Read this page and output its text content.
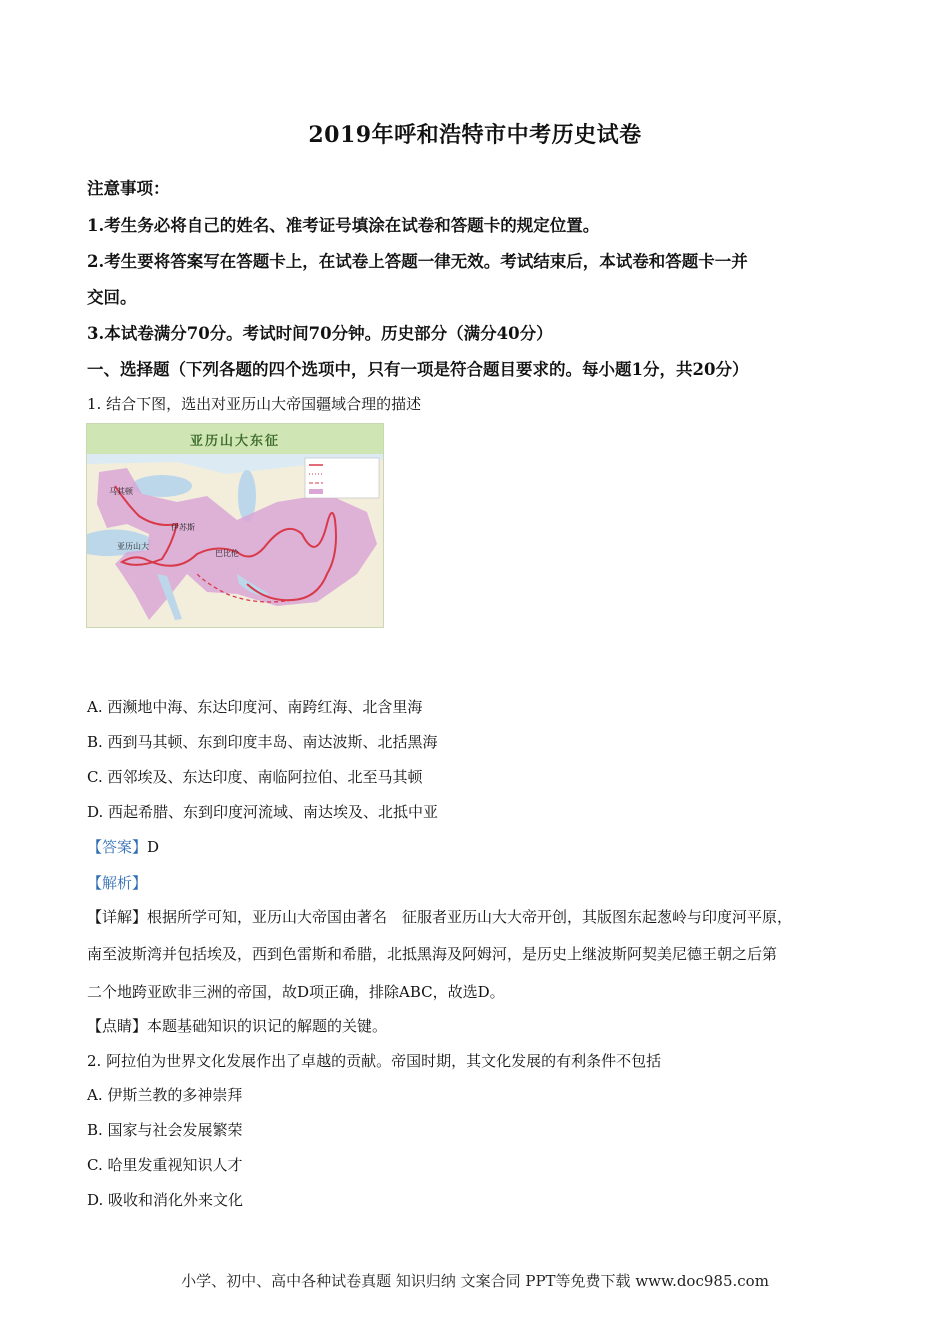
2019年呼和浩特市中考历史试卷
注意事项：
1.考生务必将自己的姓名、准考证号填涂在试卷和答题卡的规定位置。
2.考生要将答案写在答题卡上，在试卷上答题一律无效。考试结束后，本试卷和答题卡一并
交回。
3.本试卷满分70分。考试时间70分钟。历史部分（满分40分）
一、选择题（下列各题的四个选项中，只有一项是符合题目要求的。每小题1分，共20分）
1. 结合下图，选出对亚历山大帝国疆域合理的描述
亚历山大东征
马其顿
伊苏斯
亚历山大
巴比伦
A. 西濒地中海、东达印度河、南跨红海、北含里海
B. 西到马其顿、东到印度丰岛、南达波斯、北括黑海
C. 西邻埃及、东达印度、南临阿拉伯、北至马其顿
D. 西起希腊、东到印度河流域、南达埃及、北抵中亚
【答案】D
【解析】
【详解】根据所学可知，亚历山大帝国由著名　征服者亚历山大大帝开创，其版图东起葱岭与印度河平原，
南至波斯湾并包括埃及，西到色雷斯和希腊，北抵黑海及阿姆河，是历史上继波斯阿契美尼德王朝之后第
二个地跨亚欧非三洲的帝国，故D项正确，排除ABC，故选D。
【点睛】本题基础知识的识记的解题的关键。
2. 阿拉伯为世界文化发展作出了卓越的贡献。帝国时期，其文化发展的有利条件不包括
A. 伊斯兰教的多神崇拜
B. 国家与社会发展繁荣
C. 哈里发重视知识人才
D. 吸收和消化外来文化
小学、初中、高中各种试卷真题 知识归纳 文案合同 PPT等免费下载 www.doc985.com
